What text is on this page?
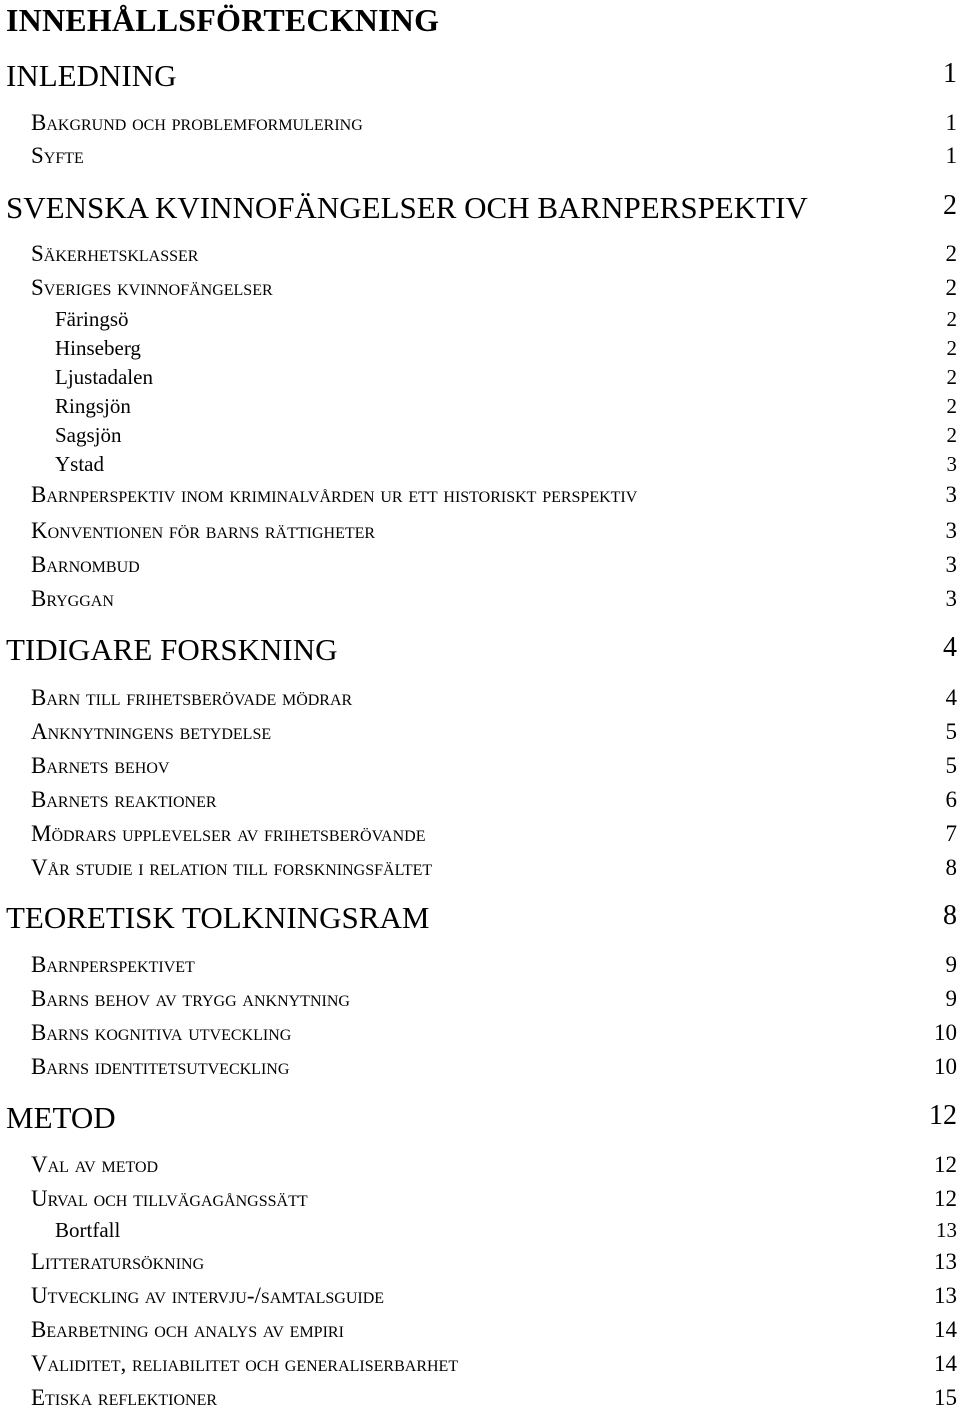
INNEHÅLLSFÖRTECKNING
INLEDNING	1
Bakgrund och problemformulering	1
Syfte	1
SVENSKA KVINNOFÄNGELSER OCH BARNPERSPEKTIV	2
Säkerhetsklasser	2
Sveriges kvinnofängelser	2
Färingsö	2
Hinseberg	2
Ljustadalen	2
Ringsjön	2
Sagsjön	2
Ystad	3
Barnperspektiv inom kriminalvården ur ett historiskt perspektiv	3
Konventionen för barns rättigheter	3
Barnombud	3
Bryggan	3
TIDIGARE FORSKNING	4
Barn till frihetsberövade mödrar	4
Anknytningens betydelse	5
Barnets behov	5
Barnets reaktioner	6
Mödrars upplevelser av frihetsberövande	7
Vår studie i relation till forskningsfältet	8
TEORETISK TOLKNINGSRAM	8
Barnperspektivet	9
Barns behov av trygg anknytning	9
Barns kognitiva utveckling	10
Barns identitetsutveckling	10
METOD	12
Val av metod	12
Urval och tillvägagångssätt	12
Bortfall	13
Litteratursökning	13
Utveckling av intervju-/samtalsguide	13
Bearbetning och analys av empiri	14
Validitet, reliabilitet och generaliserbarhet	14
Etiska reflektioner	15
